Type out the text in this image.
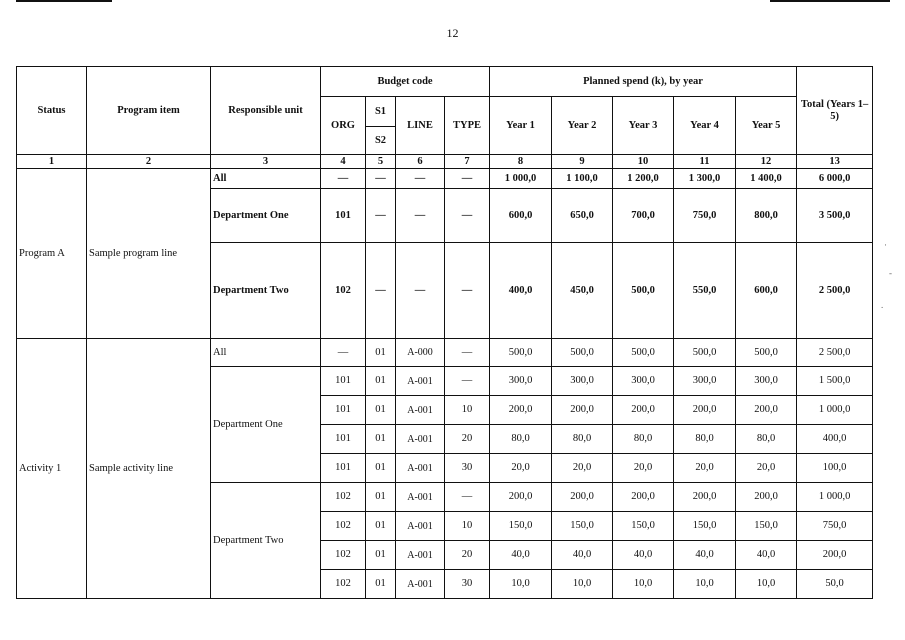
12
·
-
.
Status	Program item	Responsible unit	Budget code				Planned spend (k), by year					Total (Years 1–5)
			ORG	S1	LINE	TYPE	Year 1	Year 2	Year 3	Year 4	Year 5	
				S2								
1	2	3	4	5	6	7	8	9	10	11	12	13
Program A	Sample program line	All	—	—	—	—	1 000,0	1 100,0	1 200,0	1 300,0	1 400,0	6 000,0
		Department One	101	—	—	—	600,0	650,0	700,0	750,0	800,0	3 500,0
		Department Two	102	—	—	—	400,0	450,0	500,0	550,0	600,0	2 500,0
Activity 1	Sample activity line	All	—	01	A-000	—	500,0	500,0	500,0	500,0	500,0	2 500,0
		Department One	101	01	A-001	—	300,0	300,0	300,0	300,0	300,0	1 500,0
			101	01	A-001	10	200,0	200,0	200,0	200,0	200,0	1 000,0
			101	01	A-001	20	80,0	80,0	80,0	80,0	80,0	400,0
			101	01	A-001	30	20,0	20,0	20,0	20,0	20,0	100,0
		Department Two	102	01	A-001	—	200,0	200,0	200,0	200,0	200,0	1 000,0
			102	01	A-001	10	150,0	150,0	150,0	150,0	150,0	750,0
			102	01	A-001	20	40,0	40,0	40,0	40,0	40,0	200,0
			102	01	A-001	30	10,0	10,0	10,0	10,0	10,0	50,0
